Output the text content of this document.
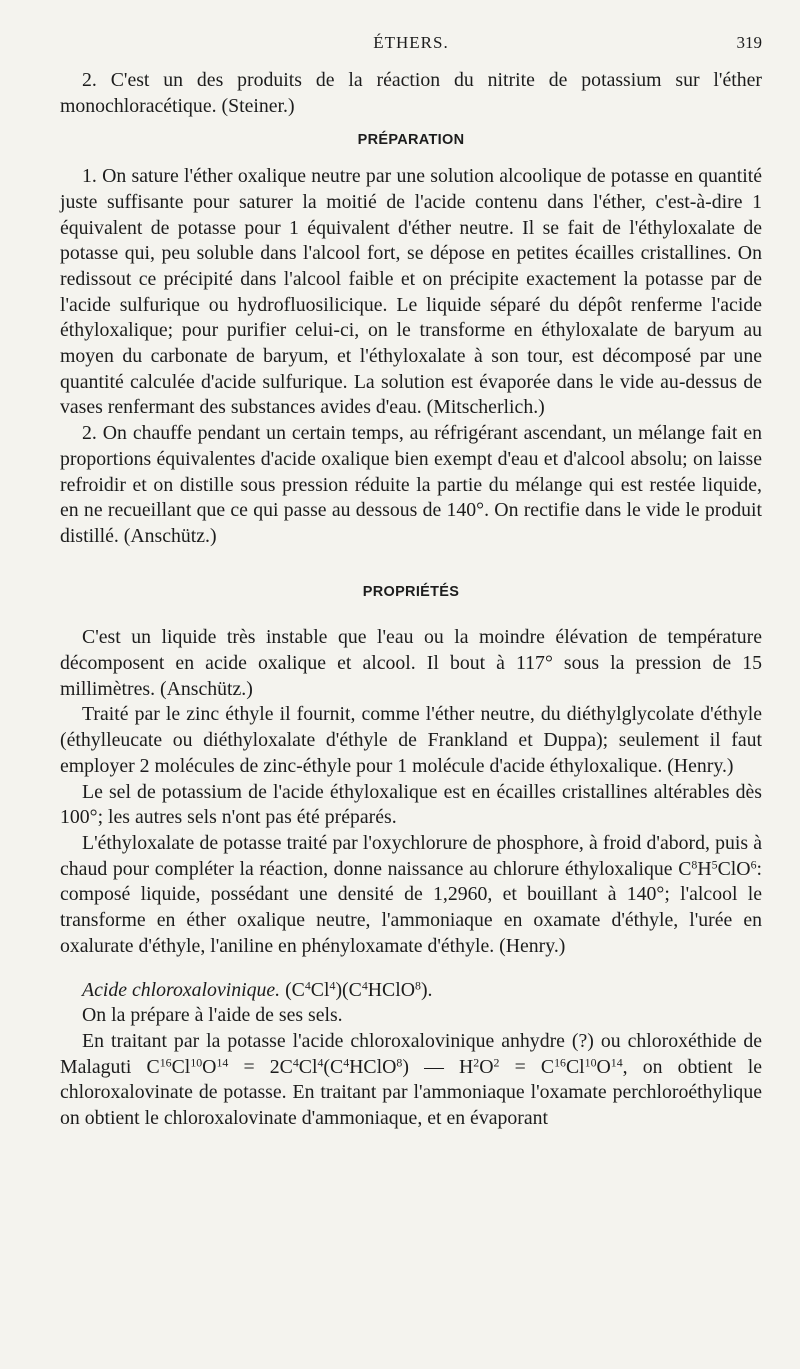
ÉTHERS.	319

2. C'est un des produits de la réaction du nitrite de potassium sur l'éther monochloracétique. (Steiner.)

PRÉPARATION

1. On sature l'éther oxalique neutre par une solution alcoolique de potasse en quantité juste suffisante pour saturer la moitié de l'acide contenu dans l'éther, c'est-à-dire 1 équivalent de potasse pour 1 équivalent d'éther neutre. Il se fait de l'éthyloxalate de potasse qui, peu soluble dans l'alcool fort, se dépose en petites écailles cristallines. On redissout ce précipité dans l'alcool faible et on précipite exactement la potasse par de l'acide sulfurique ou hydrofluosilicique. Le liquide séparé du dépôt renferme l'acide éthyloxalique; pour purifier celui-ci, on le transforme en éthyloxalate de baryum au moyen du carbonate de baryum, et l'éthyloxalate à son tour, est décomposé par une quantité calculée d'acide sulfurique. La solution est évaporée dans le vide au-dessus de vases renfermant des substances avides d'eau. (Mitscherlich.)

2. On chauffe pendant un certain temps, au réfrigérant ascendant, un mélange fait en proportions équivalentes d'acide oxalique bien exempt d'eau et d'alcool absolu; on laisse refroidir et on distille sous pression réduite la partie du mélange qui est restée liquide, en ne recueillant que ce qui passe au dessous de 140°. On rectifie dans le vide le produit distillé. (Anschütz.)

PROPRIÉTÉS

C'est un liquide très instable que l'eau ou la moindre élévation de température décomposent en acide oxalique et alcool. Il bout à 117° sous la pression de 15 millimètres. (Anschütz.)

Traité par le zinc éthyle il fournit, comme l'éther neutre, du diéthylglycolate d'éthyle (éthylleucate ou diéthyloxalate d'éthyle de Frankland et Duppa); seulement il faut employer 2 molécules de zinc-éthyle pour 1 molécule d'acide éthyloxalique. (Henry.)

Le sel de potassium de l'acide éthyloxalique est en écailles cristallines altérables dès 100°; les autres sels n'ont pas été préparés.

L'éthyloxalate de potasse traité par l'oxychlorure de phosphore, à froid d'abord, puis à chaud pour compléter la réaction, donne naissance au chlorure éthyloxalique $C^8H^5ClO^6$: composé liquide, possédant une densité de 1,2960, et bouillant à 140°; l'alcool le transforme en éther oxalique neutre, l'ammoniaque en oxamate d'éthyle, l'urée en oxalurate d'éthyle, l'aniline en phényloxamate d'éthyle. (Henry.)

Acide chloroxalovinique. $(C^4Cl^4)(C^4HClO^8)$.

On la prépare à l'aide de ses sels.

En traitant par la potasse l'acide chloroxalovinique anhydre (?) ou chloroxéthide de Malaguti $C^{16}Cl^{10}O^{14}$ = $2C^4Cl^4(C^4HClO^8)$ — $H^2O^2 = C^{16}Cl^{10}O^{14}$, on obtient le chloroxalovinate de potasse. En traitant par l'ammoniaque l'oxamate perchloroéthylique on obtient le chloroxalovinate d'ammoniaque, et en évaporant
